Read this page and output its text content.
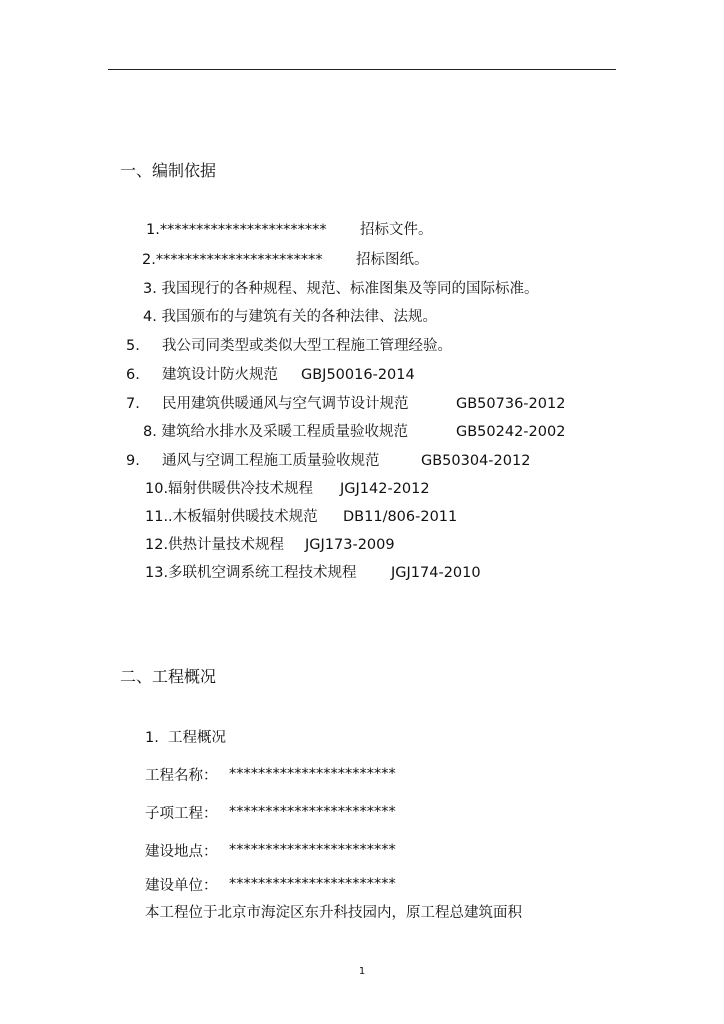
一、编制依据
1.*********************** 招标文件。
2.*********************** 招标图纸。
3. 我国现行的各种规程、规范、标准图集及等同的国际标准。
4. 我国颁布的与建筑有关的各种法律、法规。
5. 我公司同类型或类似大型工程施工管理经验。
6. 建筑设计防火规范 GBJ50016-2014
7. 民用建筑供暖通风与空气调节设计规范	GB50736-2012
8. 建筑给水排水及采暖工程质量验收规范	GB50242-2002
9. 通风与空调工程施工质量验收规范	GB50304-2012
10.辐射供暖供冷技术规程 JGJ142-2012
11..木板辐射供暖技术规范 DB11/806-2011
12.供热计量技术规程 JGJ173-2009
13.多联机空调系统工程技术规程 JGJ174-2010
二、工程概况
1.  工程概况
工程名称： ***********************
子项工程： ***********************
建设地点： ***********************
建设单位： ***********************
本工程位于北京市海淀区东升科技园内，原工程总建筑面积
1
